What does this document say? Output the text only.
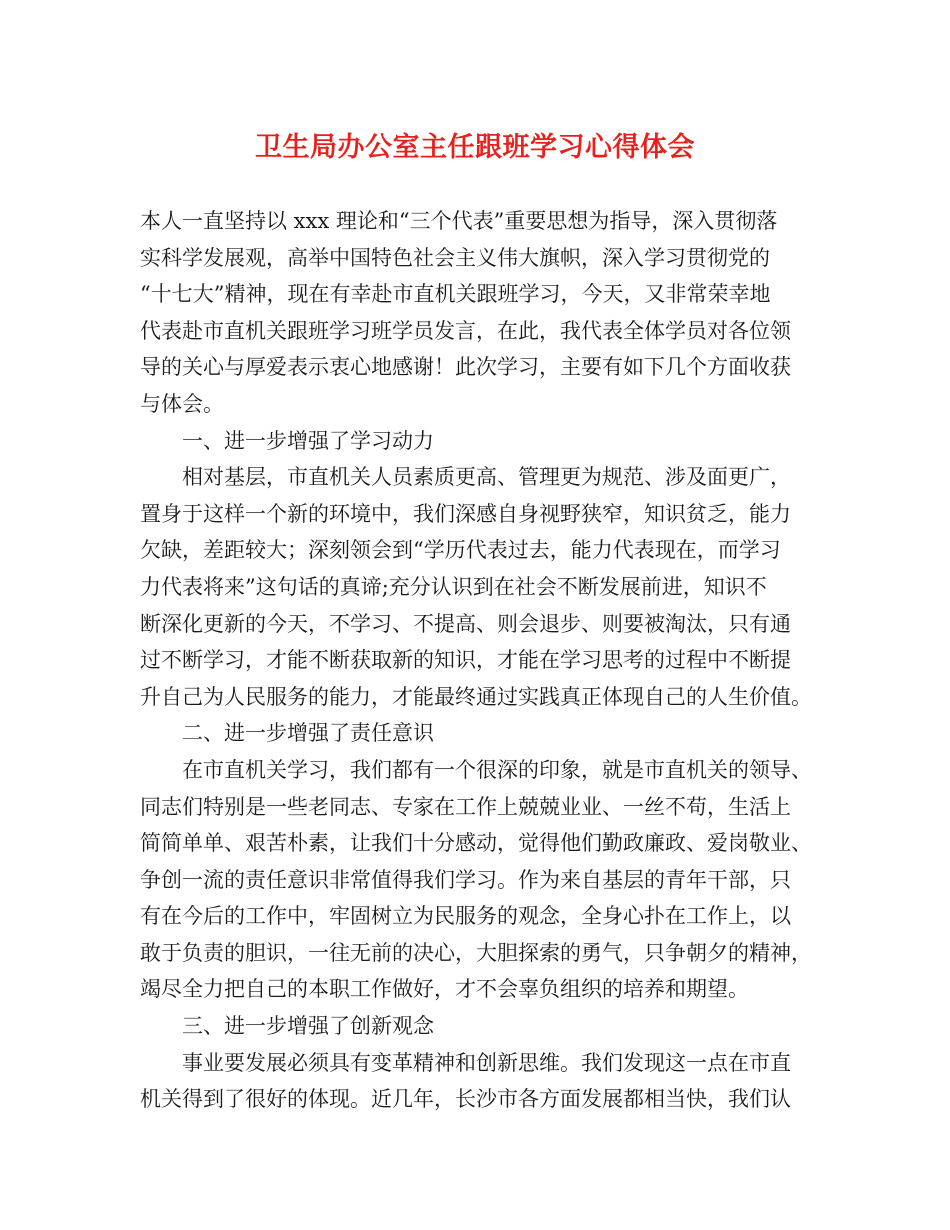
卫生局办公室主任跟班学习心得体会
本人一直坚持以 xxx 理论和“三个代表”重要思想为指导，深入贯彻落
实科学发展观，高举中国特色社会主义伟大旗帜，深入学习贯彻党的
“十七大”精神，现在有幸赴市直机关跟班学习，今天，又非常荣幸地
代表赴市直机关跟班学习班学员发言，在此，我代表全体学员对各位领
导的关心与厚爱表示衷心地感谢！此次学习，主要有如下几个方面收获
与体会。
一、进一步增强了学习动力
相对基层，市直机关人员素质更高、管理更为规范、涉及面更广，
置身于这样一个新的环境中，我们深感自身视野狭窄，知识贫乏，能力
欠缺，差距较大；深刻领会到“学历代表过去，能力代表现在，而学习
力代表将来”这句话的真谛;充分认识到在社会不断发展前进，知识不
断深化更新的今天，不学习、不提高、则会退步、则要被淘汰，只有通
过不断学习，才能不断获取新的知识，才能在学习思考的过程中不断提
升自己为人民服务的能力，才能最终通过实践真正体现自己的人生价值。
二、进一步增强了责任意识
在市直机关学习，我们都有一个很深的印象，就是市直机关的领导、
同志们特别是一些老同志、专家在工作上兢兢业业、一丝不苟，生活上
简简单单、艰苦朴素，让我们十分感动，觉得他们勤政廉政、爱岗敬业、
争创一流的责任意识非常值得我们学习。作为来自基层的青年干部，只
有在今后的工作中，牢固树立为民服务的观念，全身心扑在工作上，以
敢于负责的胆识，一往无前的决心，大胆探索的勇气，只争朝夕的精神，
竭尽全力把自己的本职工作做好，才不会辜负组织的培养和期望。
三、进一步增强了创新观念
事业要发展必须具有变革精神和创新思维。我们发现这一点在市直
机关得到了很好的体现。近几年，长沙市各方面发展都相当快，我们认
